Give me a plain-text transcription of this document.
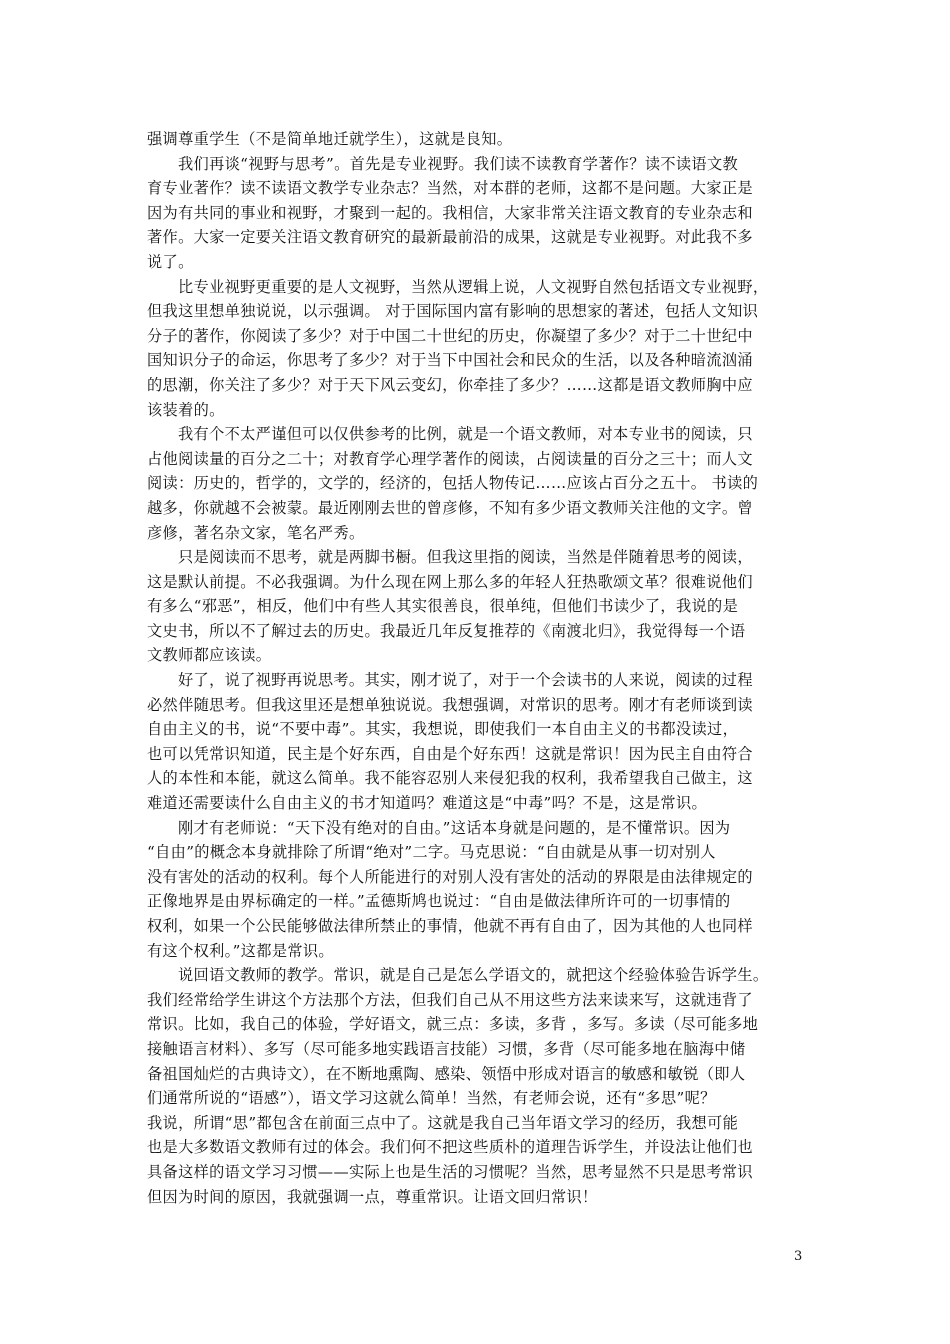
强调尊重学生（不是简单地迁就学生），这就是良知。
我们再谈“视野与思考”。首先是专业视野。我们读不读教育学著作？读不读语文教
育专业著作？读不读语文教学专业杂志？当然，对本群的老师，这都不是问题。大家正是
因为有共同的事业和视野，才聚到一起的。我相信，大家非常关注语文教育的专业杂志和
著作。大家一定要关注语文教育研究的最新最前沿的成果，这就是专业视野。对此我不多
说了。
比专业视野更重要的是人文视野，当然从逻辑上说，人文视野自然包括语文专业视野，
但我这里想单独说说，以示强调。 对于国际国内富有影响的思想家的著述，包括人文知识
分子的著作，你阅读了多少？对于中国二十世纪的历史，你凝望了多少？对于二十世纪中
国知识分子的命运，你思考了多少？对于当下中国社会和民众的生活，以及各种暗流汹涌
的思潮，你关注了多少？对于天下风云变幻，你牵挂了多少？……这都是语文教师胸中应
该装着的。
我有个不太严谨但可以仅供参考的比例，就是一个语文教师，对本专业书的阅读，只
占他阅读量的百分之二十；对教育学心理学著作的阅读，占阅读量的百分之三十；而人文
阅读：历史的，哲学的，文学的，经济的，包括人物传记……应该占百分之五十。 书读的
越多，你就越不会被蒙。最近刚刚去世的曾彦修，不知有多少语文教师关注他的文字。曾
彦修，著名杂文家，笔名严秀。
只是阅读而不思考，就是两脚书橱。但我这里指的阅读，当然是伴随着思考的阅读，
这是默认前提。不必我强调。为什么现在网上那么多的年轻人狂热歌颂文革？很难说他们
有多么“邪恶”，相反，他们中有些人其实很善良，很单纯，但他们书读少了，我说的是
文史书，所以不了解过去的历史。我最近几年反复推荐的《南渡北归》，我觉得每一个语
文教师都应该读。
好了，说了视野再说思考。其实，刚才说了，对于一个会读书的人来说，阅读的过程
必然伴随思考。但我这里还是想单独说说。我想强调，对常识的思考。刚才有老师谈到读
自由主义的书，说“不要中毒”。其实，我想说，即使我们一本自由主义的书都没读过，
也可以凭常识知道，民主是个好东西，自由是个好东西！这就是常识！因为民主自由符合
人的本性和本能，就这么简单。我不能容忍别人来侵犯我的权利，我希望我自己做主，这
难道还需要读什么自由主义的书才知道吗？难道这是“中毒”吗？不是，这是常识。
刚才有老师说：“天下没有绝对的自由。”这话本身就是问题的，是不懂常识。因为
“自由”的概念本身就排除了所谓“绝对”二字。马克思说：“自由就是从事一切对别人
没有害处的活动的权利。每个人所能进行的对别人没有害处的活动的界限是由法律规定的
正像地界是由界标确定的一样。”孟德斯鸠也说过：“自由是做法律所许可的一切事情的
权利，如果一个公民能够做法律所禁止的事情，他就不再有自由了，因为其他的人也同样
有这个权利。”这都是常识。
说回语文教师的教学。常识，就是自己是怎么学语文的，就把这个经验体验告诉学生。
我们经常给学生讲这个方法那个方法，但我们自己从不用这些方法来读来写，这就违背了
常识。比如，我自己的体验，学好语文，就三点：多读，多背 ，多写。多读（尽可能多地
接触语言材料）、多写（尽可能多地实践语言技能）习惯，多背（尽可能多地在脑海中储
备祖国灿烂的古典诗文），在不断地熏陶、感染、领悟中形成对语言的敏感和敏锐（即人
们通常所说的“语感”），语文学习这就么简单！当然，有老师会说，还有“多思”呢？
我说，所谓“思”都包含在前面三点中了。这就是我自己当年语文学习的经历，我想可能
也是大多数语文教师有过的体会。我们何不把这些质朴的道理告诉学生，并设法让他们也
具备这样的语文学习习惯——实际上也是生活的习惯呢？当然，思考显然不只是思考常识
但因为时间的原因，我就强调一点，尊重常识。让语文回归常识！
3
